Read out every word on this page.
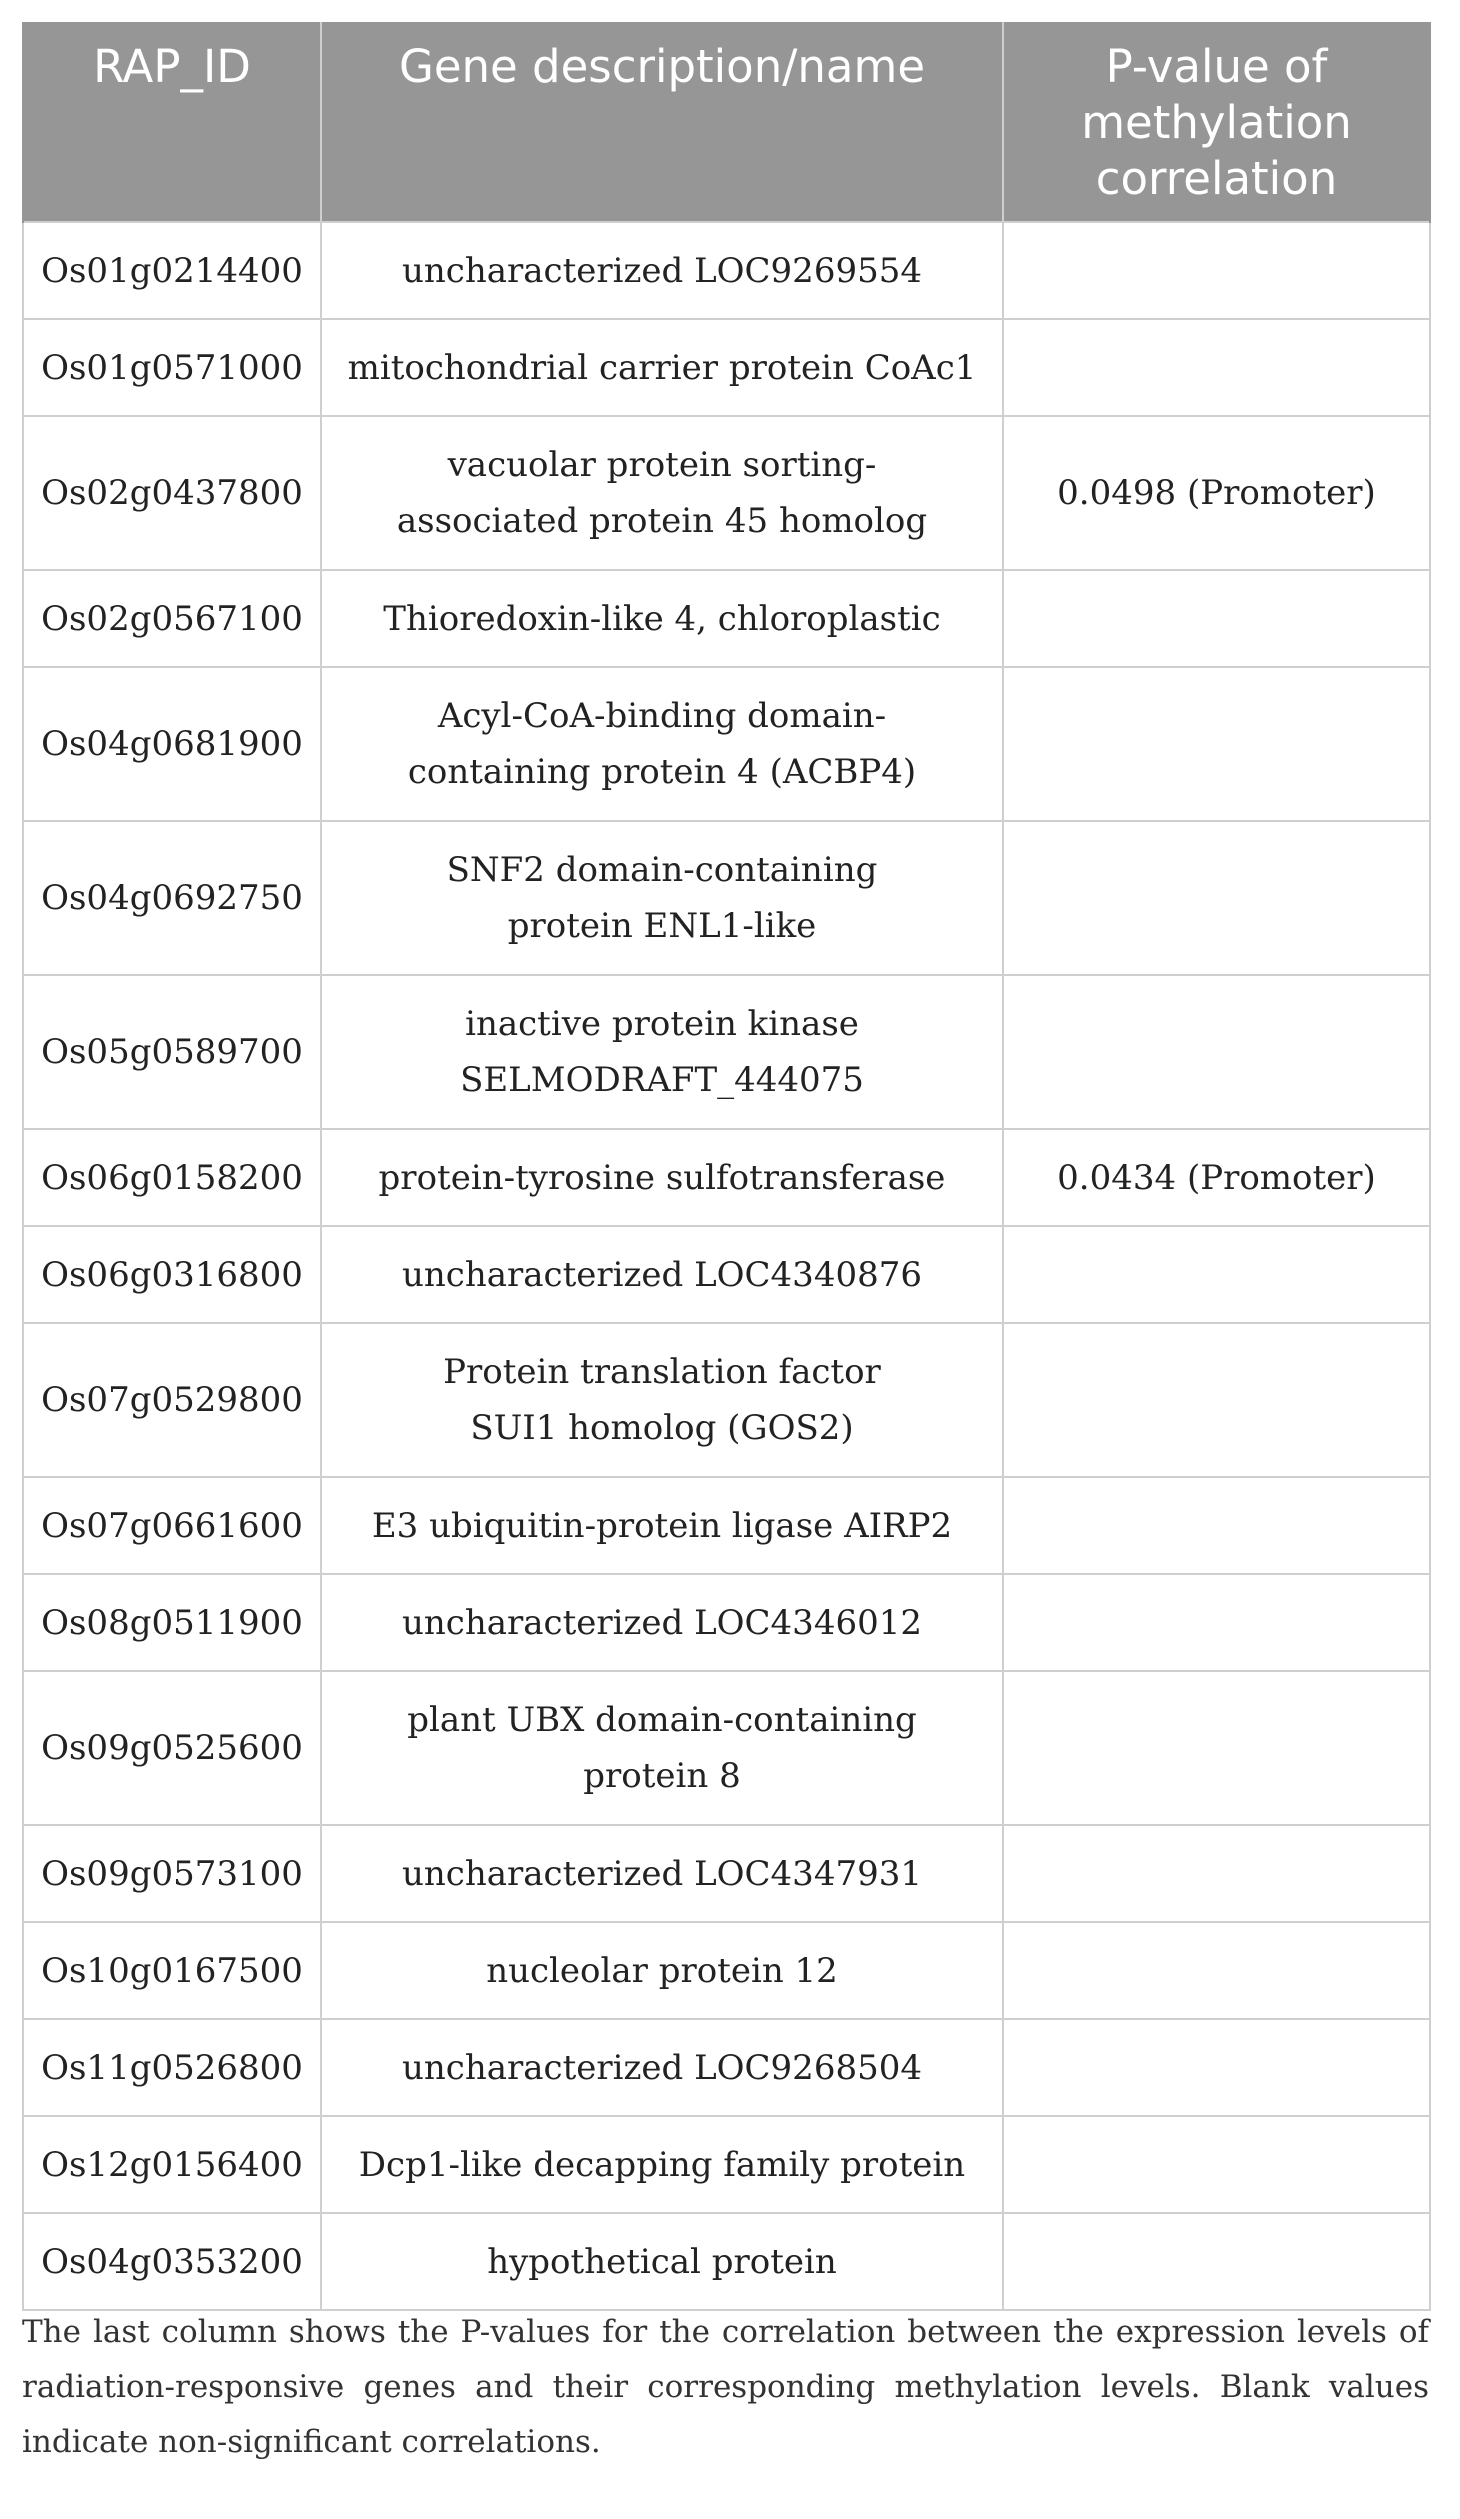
RAP_ID	Gene description/name	P-value of methylation correlation
Os01g0214400	uncharacterized LOC9269554	
Os01g0571000	mitochondrial carrier protein CoAc1	
Os02g0437800	vacuolar protein sorting-associated protein 45 homolog	0.0498 (Promoter)
Os02g0567100	Thioredoxin-like 4, chloroplastic	
Os04g0681900	Acyl-CoA-binding domain-containing protein 4 (ACBP4)	
Os04g0692750	SNF2 domain-containing protein ENL1-like	
Os05g0589700	inactive protein kinase SELMODRAFT_444075	
Os06g0158200	protein-tyrosine sulfotransferase	0.0434 (Promoter)
Os06g0316800	uncharacterized LOC4340876	
Os07g0529800	Protein translation factor SUI1 homolog (GOS2)	
Os07g0661600	E3 ubiquitin-protein ligase AIRP2	
Os08g0511900	uncharacterized LOC4346012	
Os09g0525600	plant UBX domain-containing protein 8	
Os09g0573100	uncharacterized LOC4347931	
Os10g0167500	nucleolar protein 12	
Os11g0526800	uncharacterized LOC9268504	
Os12g0156400	Dcp1-like decapping family protein	
Os04g0353200	hypothetical protein	

The last column shows the P-values for the correlation between the expression levels of radiation-responsive genes and their corresponding methylation levels. Blank values indicate non-significant correlations.
